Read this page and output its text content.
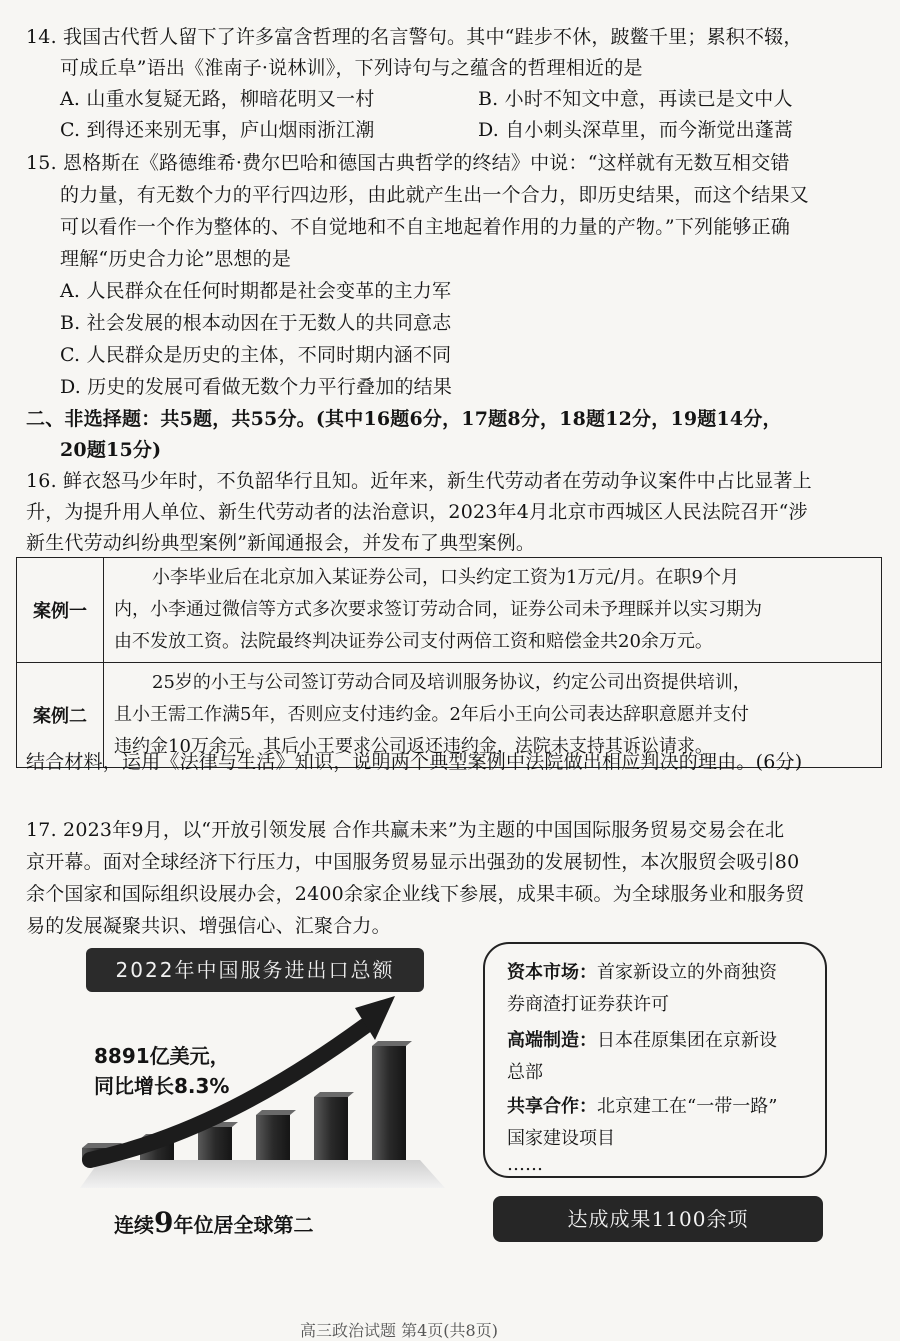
14. 我国古代哲人留下了许多富含哲理的名言警句。其中“跬步不休，跛鳖千里；累积不辍，
可成丘阜”语出《淮南子·说林训》，下列诗句与之蕴含的哲理相近的是
A. 山重水复疑无路，柳暗花明又一村	B. 小时不知文中意，再读已是文中人
C. 到得还来别无事，庐山烟雨浙江潮	D. 自小刺头深草里，而今渐觉出蓬蒿
15. 恩格斯在《路德维希·费尔巴哈和德国古典哲学的终结》中说：“这样就有无数互相交错
的力量，有无数个力的平行四边形，由此就产生出一个合力，即历史结果，而这个结果又
可以看作一个作为整体的、不自觉地和不自主地起着作用的力量的产物。”下列能够正确
理解“历史合力论”思想的是
A. 人民群众在任何时期都是社会变革的主力军
B. 社会发展的根本动因在于无数人的共同意志
C. 人民群众是历史的主体，不同时期内涵不同
D. 历史的发展可看做无数个力平行叠加的结果
二、非选择题：共5题，共55分。(其中16题6分，17题8分，18题12分，19题14分，
20题15分)
16. 鲜衣怒马少年时，不负韶华行且知。近年来，新生代劳动者在劳动争议案件中占比显著上
升，为提升用人单位、新生代劳动者的法治意识，2023年4月北京市西城区人民法院召开“涉
新生代劳动纠纷典型案例”新闻通报会，并发布了典型案例。
案例一	小李毕业后在北京加入某证券公司，口头约定工资为1万元/月。在职9个月
内，小李通过微信等方式多次要求签订劳动合同，证券公司未予理睬并以实习期为
由不发放工资。法院最终判决证券公司支付两倍工资和赔偿金共20余万元。

案例二	25岁的小王与公司签订劳动合同及培训服务协议，约定公司出资提供培训，
且小王需工作满5年，否则应支付违约金。2年后小王向公司表达辞职意愿并支付
违约金10万余元。其后小王要求公司返还违约金，法院未支持其诉讼请求。
结合材料，运用《法律与生活》知识，说明两个典型案例中法院做出相应判决的理由。(6分)
17. 2023年9月，以“开放引领发展 合作共赢未来”为主题的中国国际服务贸易交易会在北
京开幕。面对全球经济下行压力，中国服务贸易显示出强劲的发展韧性，本次服贸会吸引80
余个国家和国际组织设展办会，2400余家企业线下参展，成果丰硕。为全球服务业和服务贸
易的发展凝聚共识、增强信心、汇聚合力。
2022年中国服务进出口总额
8891亿美元，
同比增长8.3%
连续9年位居全球第二
资本市场：首家新设立的外商独资
券商渣打证券获许可
高端制造：日本荏原集团在京新设
总部
共享合作：北京建工在“一带一路”
国家建设项目
……
达成成果1100余项
高三政治试题 第4页(共8页)
